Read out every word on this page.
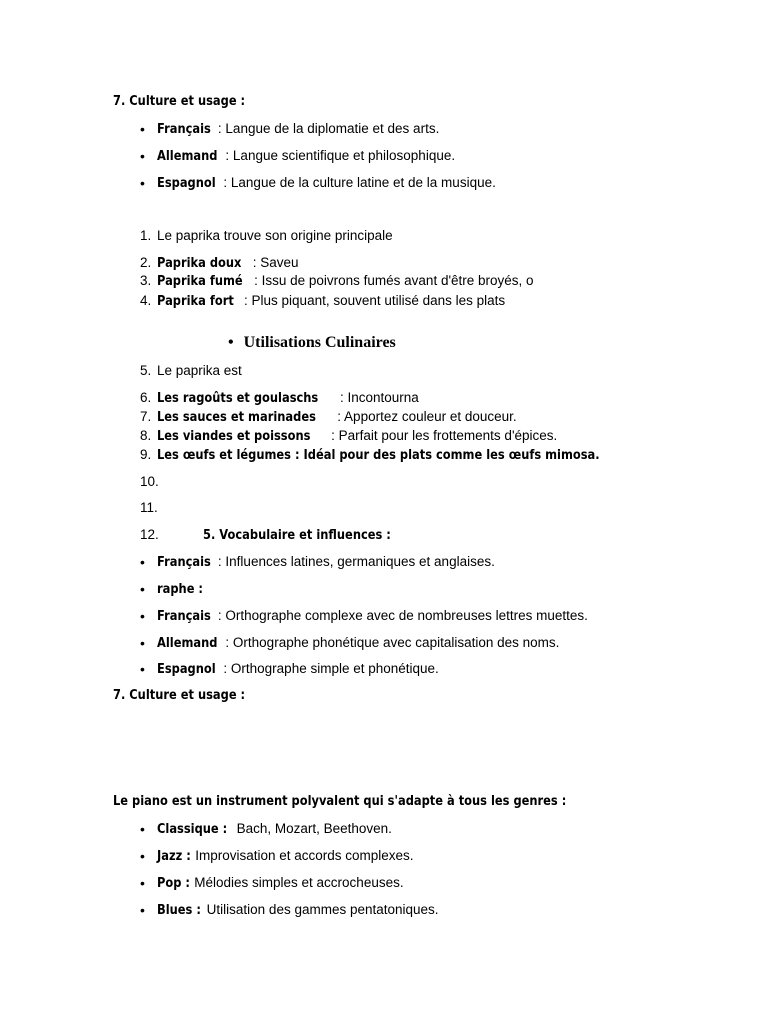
7. Culture et usage :
• Français : Langue de la diplomatie et des arts.
• Allemand : Langue scientifique et philosophique.
• Espagnol : Langue de la culture latine et de la musique.
1. Le paprika trouve son origine principale
2. Paprika doux : Saveu
3. Paprika fumé : Issu de poivrons fumés avant d'être broyés, o
4. Paprika fort : Plus piquant, souvent utilisé dans les plats
• Utilisations Culinaires
5. Le paprika est
6. Les ragoûts et goulaschs : Incontourna
7. Les sauces et marinades : Apportez couleur et douceur.
8. Les viandes et poissons : Parfait pour les frottements d'épices.
9. Les œufs et légumes : Idéal pour des plats comme les œufs mimosa.
10.
11.
12.	5. Vocabulaire et influences :
• Français : Influences latines, germaniques et anglaises.
• raphe :
• Français : Orthographe complexe avec de nombreuses lettres muettes.
• Allemand : Orthographe phonétique avec capitalisation des noms.
• Espagnol : Orthographe simple et phonétique.
7. Culture et usage :
Le piano est un instrument polyvalent qui s'adapte à tous les genres :
• Classique : Bach, Mozart, Beethoven.
• Jazz : Improvisation et accords complexes.
• Pop : Mélodies simples et accrocheuses.
• Blues : Utilisation des gammes pentatoniques.
